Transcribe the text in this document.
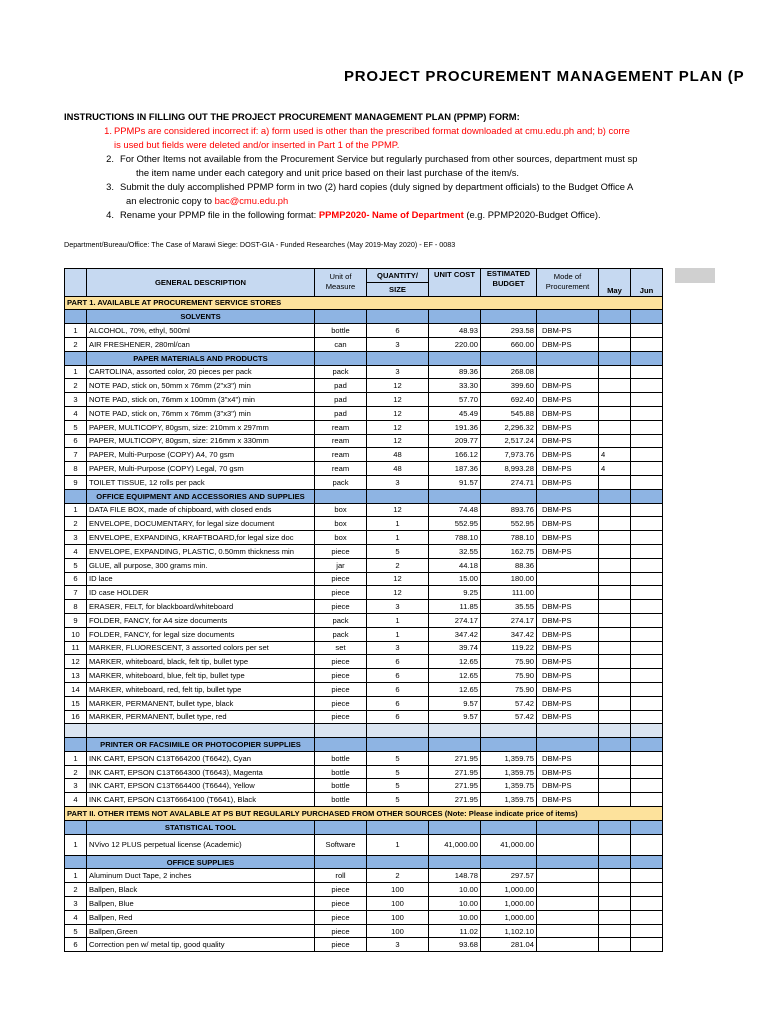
PROJECT PROCUREMENT MANAGEMENT PLAN (P
INSTRUCTIONS IN FILLING OUT THE PROJECT PROCUREMENT MANAGEMENT PLAN (PPMP) FORM:
1. PPMPs are considered incorrect if: a) form used is other than the prescribed format downloaded at cmu.edu.ph and; b) corre
is used but fields were deleted and/or inserted in Part 1 of the PPMP.
2. For Other Items not available from the Procurement Service but regularly purchased from other sources, department must sp
the item name under each category and unit price based on their last purchase of the item/s.
3. Submit the duly accomplished PPMP form in two (2) hard copies (duly signed by department officials) to the Budget Office A
an electronic copy to bac@cmu.edu.ph
4. Rename your PPMP file in the following format: PPMP2020- Name of Department (e.g. PPMP2020-Budget Office).
Department/Bureau/Office: The Case of Marawi Siege: DOST-GIA - Funded Researches (May 2019-May 2020) - EF - 0083
	GENERAL DESCRIPTION	Unit of Measure	QUANTITY/	UNIT COST	ESTIMATED BUDGET	Mode of Procurement	May	Jun
			SIZE					
PART 1. AVAILABLE AT PROCUREMENT SERVICE STORES								
	SOLVENTS							
1	ALCOHOL, 70%, ethyl, 500ml	bottle	6	48.93	293.58	DBM-PS		
2	AIR FRESHENER, 280ml/can	can	3	220.00	660.00	DBM-PS		
	PAPER MATERIALS AND PRODUCTS							
1	CARTOLINA, assorted color, 20 pieces per pack	pack	3	89.36	268.08			
2	NOTE PAD, stick on, 50mm x 76mm (2"x3") min	pad	12	33.30	399.60	DBM-PS		
3	NOTE PAD, stick on, 76mm x 100mm (3"x4") min	pad	12	57.70	692.40	DBM-PS		
4	NOTE PAD, stick on, 76mm x 76mm (3"x3") min	pad	12	45.49	545.88	DBM-PS		
5	PAPER, MULTICOPY, 80gsm, size: 210mm x 297mm	ream	12	191.36	2,296.32	DBM-PS		
6	PAPER, MULTICOPY, 80gsm, size: 216mm x 330mm	ream	12	209.77	2,517.24	DBM-PS		
7	PAPER, Multi-Purpose (COPY) A4, 70 gsm	ream	48	166.12	7,973.76	DBM-PS	4	
8	PAPER, Multi-Purpose (COPY) Legal, 70 gsm	ream	48	187.36	8,993.28	DBM-PS	4	
9	TOILET TISSUE, 12 rolls per pack	pack	3	91.57	274.71	DBM-PS		
	OFFICE EQUIPMENT AND ACCESSORIES AND SUPPLIES							
1	DATA FILE BOX, made of chipboard, with closed ends	box	12	74.48	893.76	DBM-PS		
2	ENVELOPE, DOCUMENTARY, for legal size document	box	1	552.95	552.95	DBM-PS		
3	ENVELOPE, EXPANDING, KRAFTBOARD,for legal size doc	box	1	788.10	788.10	DBM-PS		
4	ENVELOPE, EXPANDING, PLASTIC, 0.50mm thickness min	piece	5	32.55	162.75	DBM-PS		
5	GLUE, all purpose, 300 grams min.	jar	2	44.18	88.36			
6	ID lace	piece	12	15.00	180.00			
7	ID case HOLDER	piece	12	9.25	111.00			
8	ERASER, FELT, for blackboard/whiteboard	piece	3	11.85	35.55	DBM-PS		
9	FOLDER, FANCY, for A4 size documents	pack	1	274.17	274.17	DBM-PS		
10	FOLDER, FANCY, for legal size documents	pack	1	347.42	347.42	DBM-PS		
11	MARKER, FLUORESCENT, 3 assorted colors per set	set	3	39.74	119.22	DBM-PS		
12	MARKER, whiteboard, black, felt tip, bullet type	piece	6	12.65	75.90	DBM-PS		
13	MARKER, whiteboard, blue, felt tip, bullet type	piece	6	12.65	75.90	DBM-PS		
14	MARKER, whiteboard, red, felt tip, bullet type	piece	6	12.65	75.90	DBM-PS		
15	MARKER, PERMANENT, bullet type, black	piece	6	9.57	57.42	DBM-PS		
16	MARKER, PERMANENT, bullet type, red	piece	6	9.57	57.42	DBM-PS		

	PRINTER OR FACSIMILE OR PHOTOCOPIER SUPPLIES							
1	INK CART, EPSON C13T664200 (T6642), Cyan	bottle	5	271.95	1,359.75	DBM-PS		
2	INK CART, EPSON C13T664300 (T6643), Magenta	bottle	5	271.95	1,359.75	DBM-PS		
3	INK CART, EPSON C13T664400 (T6644), Yellow	bottle	5	271.95	1,359.75	DBM-PS		
4	INK CART, EPSON C13T6664100 (T6641), Black	bottle	5	271.95	1,359.75	DBM-PS		
PART II. OTHER ITEMS NOT AVALABLE AT PS BUT REGULARLY PURCHASED FROM OTHER SOURCES (Note: Please indicate price of items)								
	STATISTICAL TOOL							
1	NVivo 12 PLUS perpetual license (Academic)	Software	1	41,000.00	41,000.00			
	OFFICE SUPPLIES							
1	Aluminum Duct Tape, 2 inches	roll	2	148.78	297.57			
2	Ballpen, Black	piece	100	10.00	1,000.00			
3	Ballpen, Blue	piece	100	10.00	1,000.00			
4	Ballpen, Red	piece	100	10.00	1,000.00			
5	Ballpen,Green	piece	100	11.02	1,102.10			
6	Correction pen w/ metal tip, good quality	piece	3	93.68	281.04			
